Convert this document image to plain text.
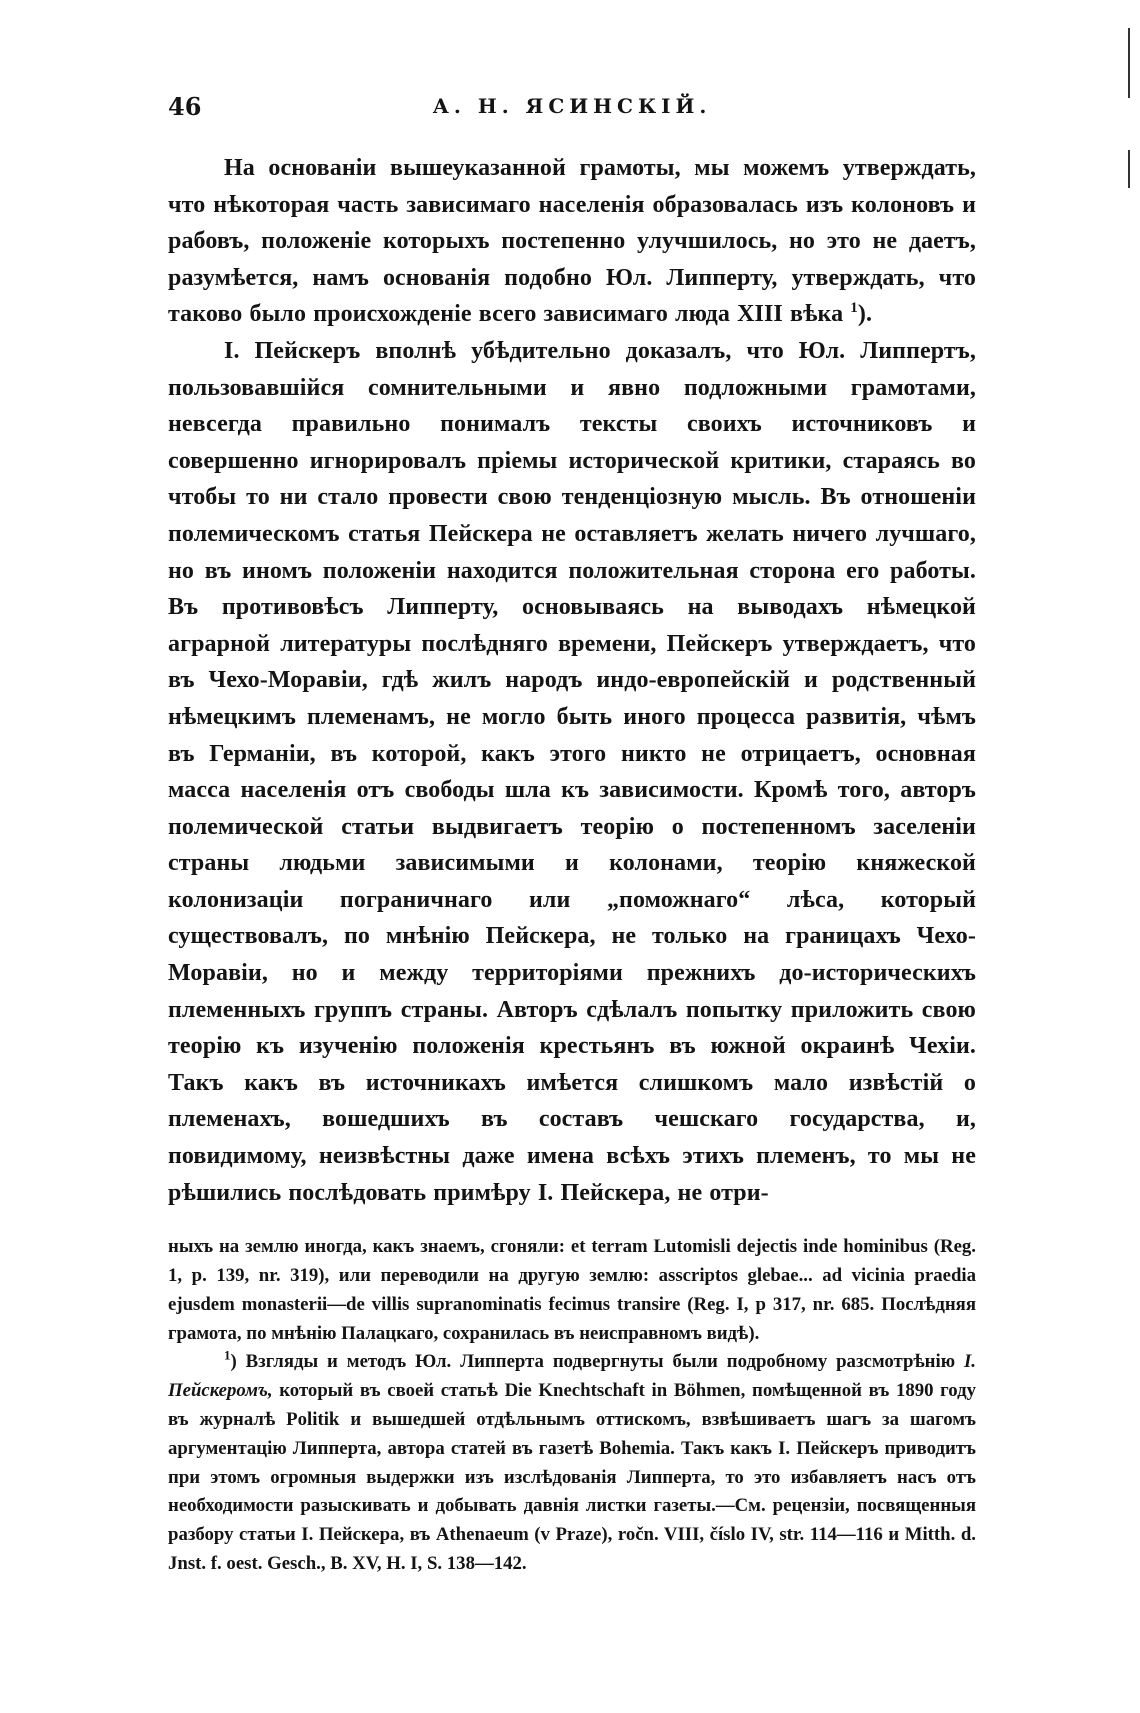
46	А. Н. ЯСИНСКIЙ.

На основанiи вышеуказанной грамоты, мы можемъ утверждать, что нѣкоторая часть зависимаго населенiя образовалась изъ колоновъ и рабовъ, положенiе которыхъ постепенно улучшилось, но это не даетъ, разумѣется, намъ основанiя подобно Юл. Липперту, утверждать, что таково было происхожденiе всего зависимаго люда XIII вѣка $^1$).

I. Пейскеръ вполнѣ убѣдительно доказалъ, что Юл. Липпертъ, пользовавшiйся сомнительными и явно подложными грамотами, невсегда правильно понималъ тексты своихъ источниковъ и совершенно игнорировалъ прiемы исторической критики, стараясь во чтобы то ни стало провести свою тенденцiозную мысль. Въ отношенiи полемическомъ статья Пейскера не оставляетъ желать ничего лучшаго, но въ иномъ положенiи находится положительная сторона его работы. Въ противовѣсъ Липперту, основываясь на выводахъ нѣмецкой аграрной литературы послѣдняго времени, Пейскеръ утверждаетъ, что въ Чехо-Моравiи, гдѣ жилъ народъ индо-европейскiй и родственный нѣмецкимъ племенамъ, не могло быть иного процесса развитiя, чѣмъ въ Германiи, въ которой, какъ этого никто не отрицаетъ, основная масса населенiя отъ свободы шла къ зависимости. Кромѣ того, авторъ полемической статьи выдвигаетъ теорiю о постепенномъ заселенiи страны людьми зависимыми и колонами, теорiю княжеской колонизацiи пограничнаго или „поможнаго“ лѣса, который существовалъ, по мнѣнiю Пейскера, не только на границахъ Чехо-Моравiи, но и между территорiями прежнихъ до-историческихъ племенныхъ группъ страны. Авторъ сдѣлалъ попытку приложить свою теорiю къ изученiю положенiя крестьянъ въ южной окраинѣ Чехiи. Такъ какъ въ источникахъ имѣется слишкомъ мало извѣстiй о племенахъ, вошедшихъ въ составъ чешскаго государства, и, повидимому, неизвѣстны даже имена всѣхъ этихъ племенъ, то мы не рѣшились послѣдовать примѣру I. Пейскера, не отри-

ныхъ на землю иногда, какъ знаемъ, сгоняли: et terram Lutomisli dejectis inde hominibus (Reg. 1, p. 139, nr. 319), или переводили на другую землю: asscriptos glebae... ad vicinia praedia ejusdem monasterii—de villis supranominatis fecimus transire (Reg. I, p 317, nr. 685. Послѣдняя грамота, по мнѣнiю Палацкаго, сохранилась въ неисправномъ видѣ).

$^1$) Взгляды и методъ Юл. Липперта подвергнуты были подробному разсмотрѣнiю I. Пейскеромъ, который въ своей статьѣ Die Knechtschaft in Böhmen, помѣщенной въ 1890 году въ журналѣ Politik и вышедшей отдѣльнымъ оттискомъ, взвѣшиваетъ шагъ за шагомъ аргументацiю Липперта, автора статей въ газетѣ Bohemia. Такъ какъ I. Пейскеръ приводитъ при этомъ огромныя выдержки изъ изслѣдованiя Липперта, то это избавляетъ насъ отъ необходимости разыскивать и добывать давнiя листки газеты.—См. рецензiи, посвященныя разбору статьи I. Пейскера, въ Athenaeum (v Praze), ročn. VIII, číslo IV, str. 114—116 и Mitth. d. Jnst. f. oest. Gesch., B. XV, H. I, S. 138—142.
